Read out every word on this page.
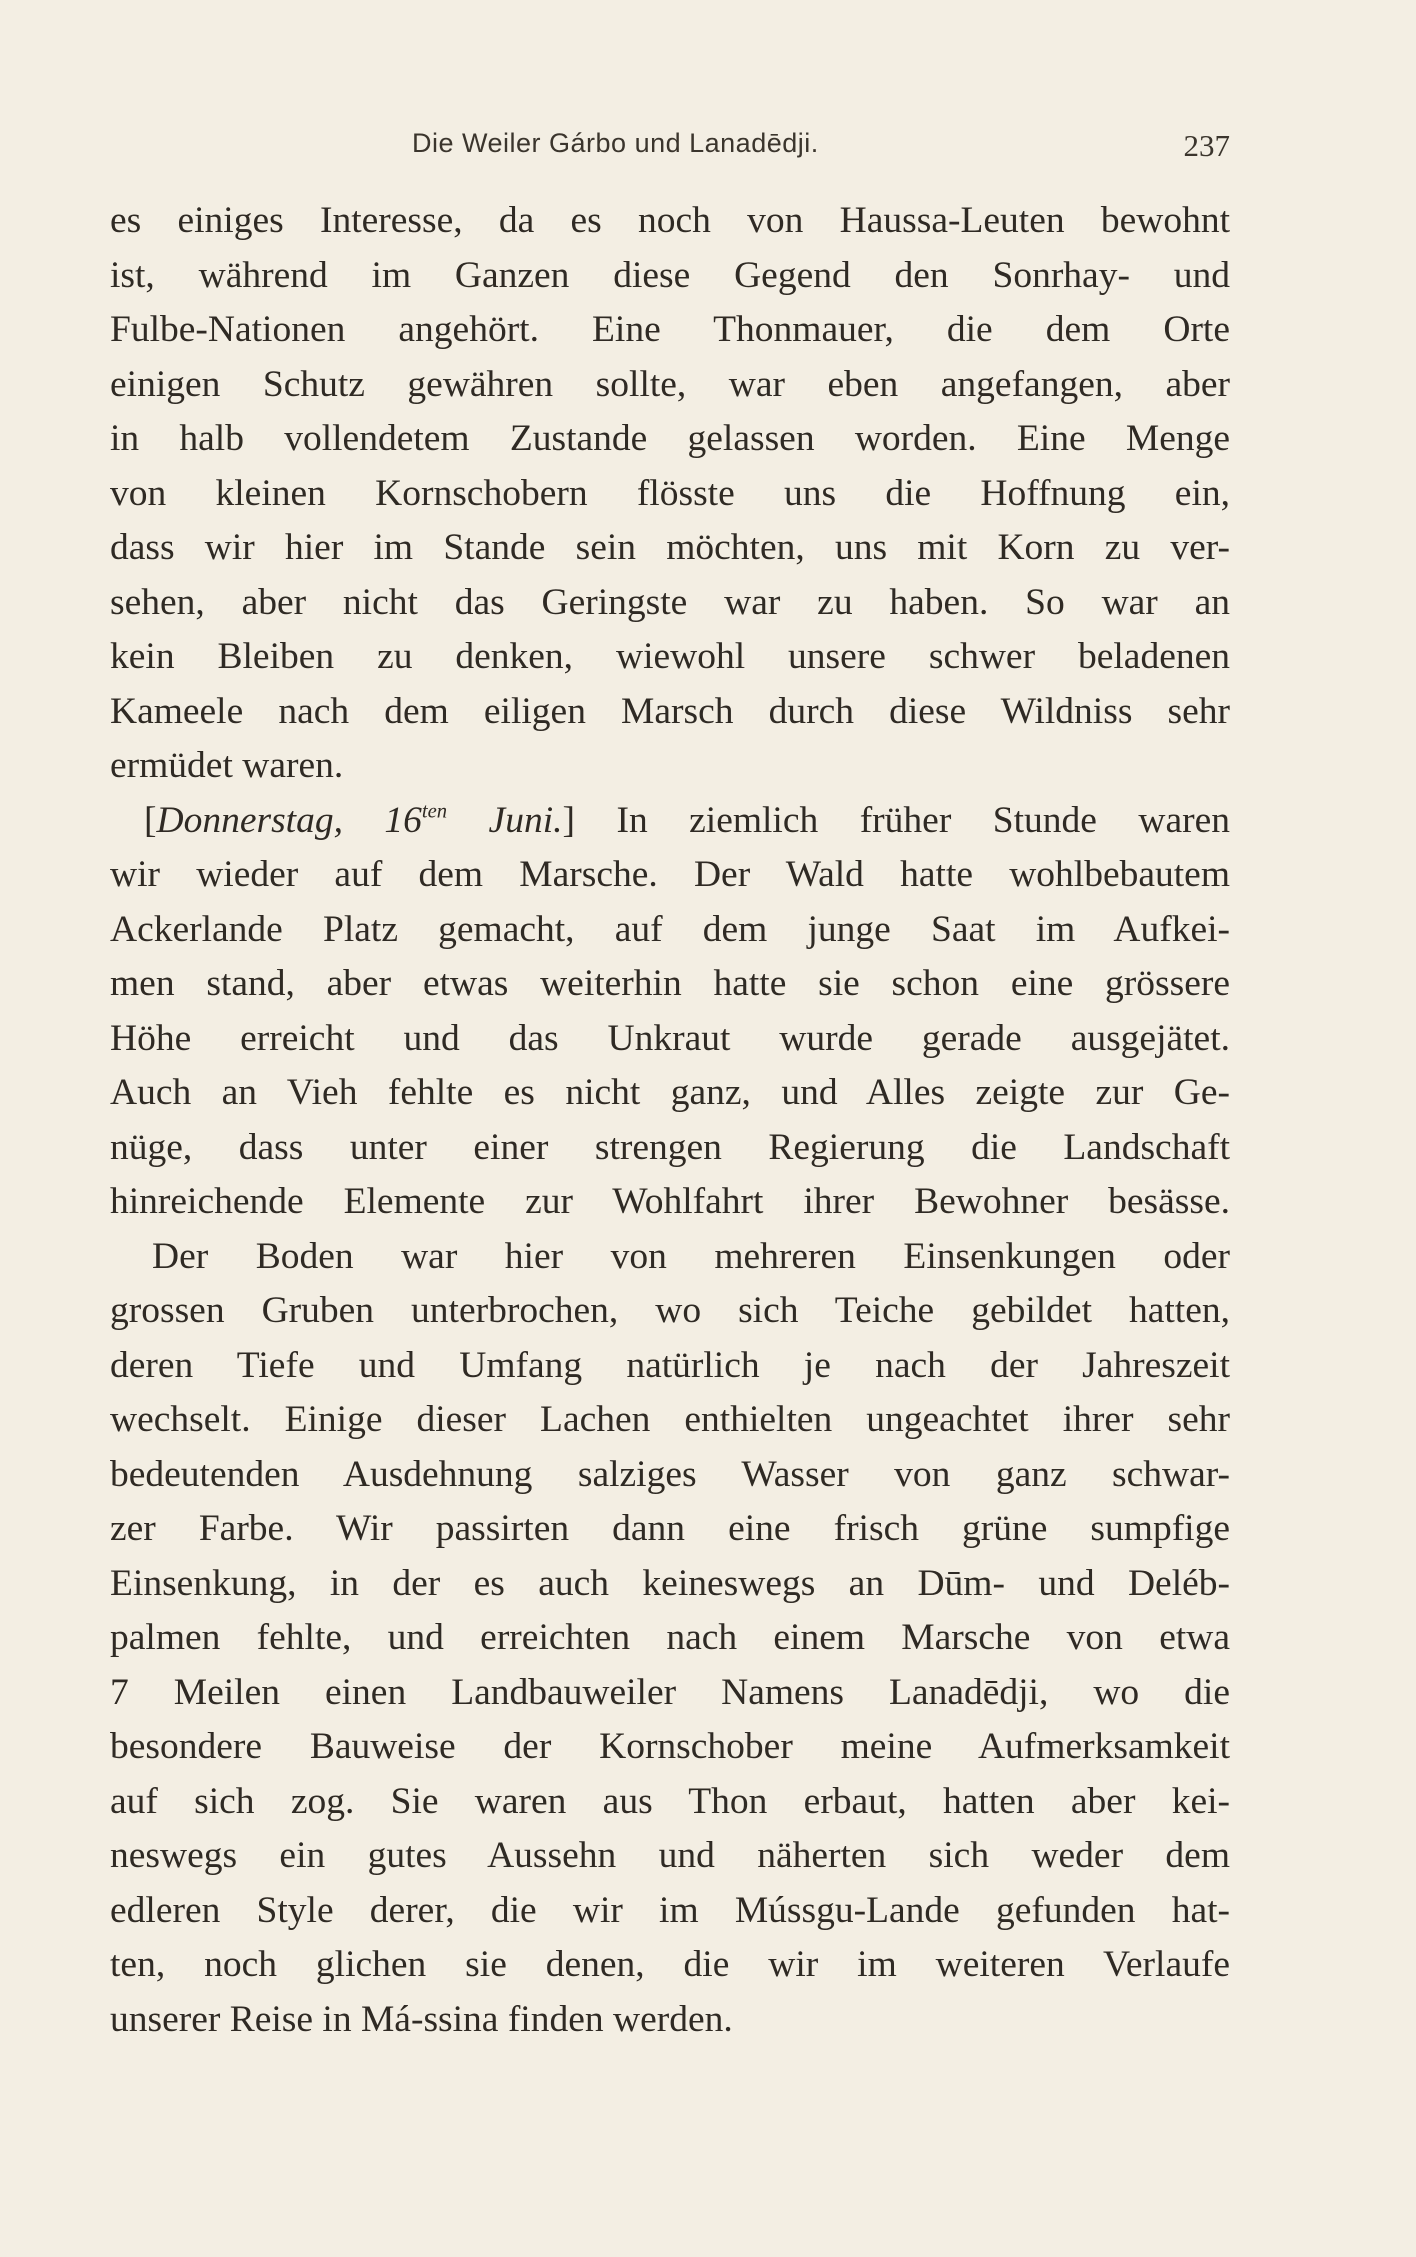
Die Weiler Gárbo und Lanadēdji.	237
es einiges Interesse, da es noch von Haussa-Leuten bewohnt
ist, während im Ganzen diese Gegend den Sonrhay- und
Fulbe-Nationen angehört. Eine Thonmauer, die dem Orte
einigen Schutz gewähren sollte, war eben angefangen, aber
in halb vollendetem Zustande gelassen worden. Eine Menge
von kleinen Kornschobern flösste uns die Hoffnung ein,
dass wir hier im Stande sein möchten, uns mit Korn zu ver-
sehen, aber nicht das Geringste war zu haben. So war an
kein Bleiben zu denken, wiewohl unsere schwer beladenen
Kameele nach dem eiligen Marsch durch diese Wildniss sehr
ermüdet waren.
[Donnerstag, $16^{ten}$ Juni.] In ziemlich früher Stunde waren
wir wieder auf dem Marsche. Der Wald hatte wohlbebautem
Ackerlande Platz gemacht, auf dem junge Saat im Aufkei-
men stand, aber etwas weiterhin hatte sie schon eine grössere
Höhe erreicht und das Unkraut wurde gerade ausgejätet.
Auch an Vieh fehlte es nicht ganz, und Alles zeigte zur Ge-
nüge, dass unter einer strengen Regierung die Landschaft
hinreichende Elemente zur Wohlfahrt ihrer Bewohner besässe.
Der Boden war hier von mehreren Einsenkungen oder
grossen Gruben unterbrochen, wo sich Teiche gebildet hatten,
deren Tiefe und Umfang natürlich je nach der Jahreszeit
wechselt. Einige dieser Lachen enthielten ungeachtet ihrer sehr
bedeutenden Ausdehnung salziges Wasser von ganz schwar-
zer Farbe. Wir passirten dann eine frisch grüne sumpfige
Einsenkung, in der es auch keineswegs an Dūm- und Deléb-
palmen fehlte, und erreichten nach einem Marsche von etwa
7 Meilen einen Landbauweiler Namens Lanadēdji, wo die
besondere Bauweise der Kornschober meine Aufmerksamkeit
auf sich zog. Sie waren aus Thon erbaut, hatten aber kei-
neswegs ein gutes Aussehn und näherten sich weder dem
edleren Style derer, die wir im Mússgu-Lande gefunden hat-
ten, noch glichen sie denen, die wir im weiteren Verlaufe
unserer Reise in Má-ssina finden werden.
